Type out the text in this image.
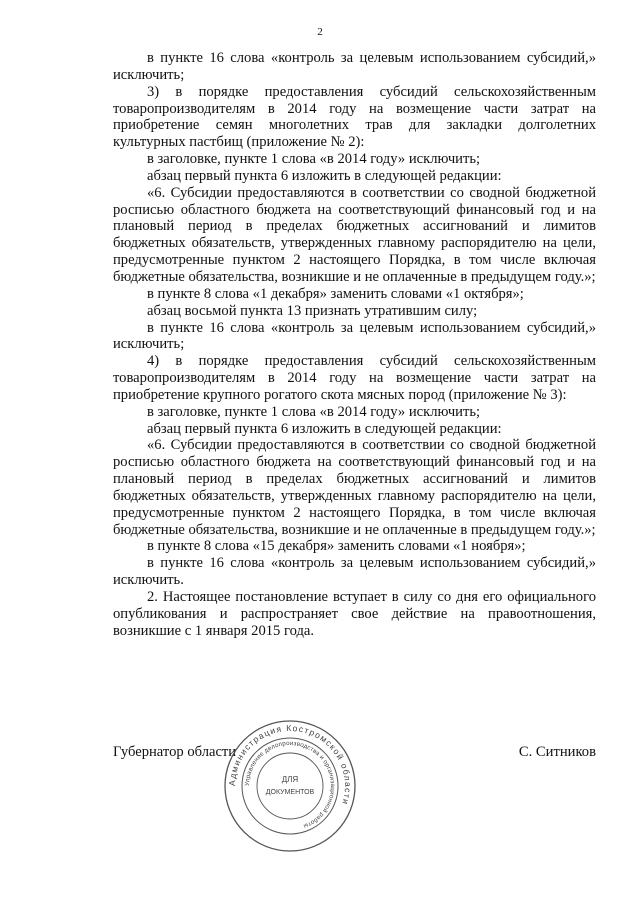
2

в пункте 16 слова «контроль за целевым использованием субсидий,» исключить;

3) в порядке предоставления субсидий сельскохозяйственным товаропроизводителям в 2014 году на возмещение части затрат на приобретение семян многолетних трав для закладки долголетних культурных пастбищ (приложение № 2):

в заголовке, пункте 1 слова «в 2014 году» исключить;

абзац первый пункта 6 изложить в следующей редакции:

«6. Субсидии предоставляются в соответствии со сводной бюджетной росписью областного бюджета на соответствующий финансовый год и на плановый период в пределах бюджетных ассигнований и лимитов бюджетных обязательств, утвержденных главному распорядителю на цели, предусмотренные пунктом 2 настоящего Порядка, в том числе включая бюджетные обязательства, возникшие и не оплаченные в предыдущем году.»;

в пункте 8 слова «1 декабря» заменить словами «1 октября»;

абзац восьмой пункта 13 признать утратившим силу;

в пункте 16 слова «контроль за целевым использованием субсидий,» исключить;

4) в порядке предоставления субсидий сельскохозяйственным товаропроизводителям в 2014 году на возмещение части затрат на приобретение крупного рогатого скота мясных пород (приложение № 3):

в заголовке, пункте 1 слова «в 2014 году» исключить;

абзац первый пункта 6 изложить в следующей редакции:

«6. Субсидии предоставляются в соответствии со сводной бюджетной росписью областного бюджета на соответствующий финансовый год и на плановый период в пределах бюджетных ассигнований и лимитов бюджетных обязательств, утвержденных главному распорядителю на цели, предусмотренные пунктом 2 настоящего Порядка, в том числе включая бюджетные обязательства, возникшие и не оплаченные в предыдущем году.»;

в пункте 8 слова «15 декабря» заменить словами «1 ноября»;

в пункте 16 слова «контроль за целевым использованием субсидий,» исключить.

2. Настоящее постановление вступает в силу со дня его официального опубликования и распространяет свое действие на правоотношения, возникшие с 1 января 2015 года.

Губернатор области	С. Ситников
Администрация Костромской области
Управление делопроизводства и организационной работы
ДЛЯ
ДОКУМЕНТОВ
